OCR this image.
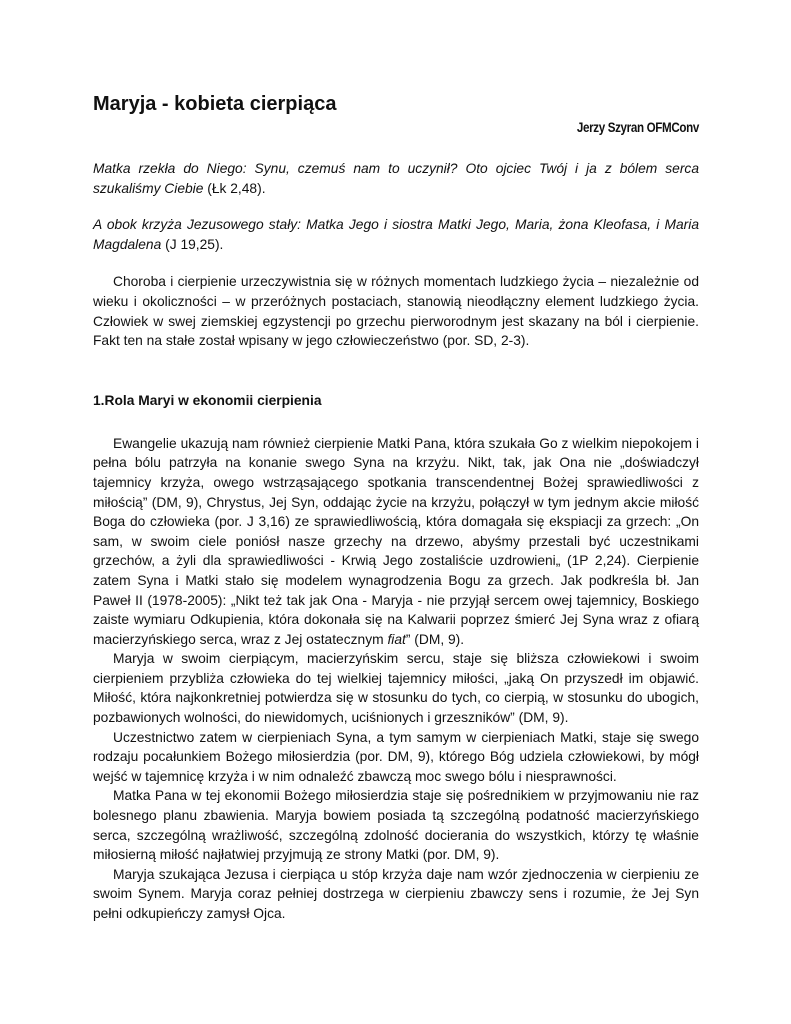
Maryja - kobieta cierpiąca
Jerzy Szyran OFMConv

Matka rzekła do Niego: Synu, czemuś nam to uczynił? Oto ojciec Twój i ja z bólem serca szukaliśmy Ciebie (Łk 2,48).

A obok krzyża Jezusowego stały: Matka Jego i siostra Matki Jego, Maria, żona Kleofasa, i Maria Magdalena (J 19,25).

Choroba i cierpienie urzeczywistnia się w różnych momentach ludzkiego życia – niezależnie od wieku i okoliczności – w przeróżnych postaciach, stanowią nieodłączny element ludzkiego życia. Człowiek w swej ziemskiej egzystencji po grzechu pierworodnym jest skazany na ból i cierpienie. Fakt ten na stałe został wpisany w jego człowieczeństwo (por. SD, 2-3).

1.Rola Maryi w ekonomii cierpienia

Ewangelie ukazują nam również cierpienie Matki Pana, która szukała Go z wielkim niepokojem i pełna bólu patrzyła na konanie swego Syna na krzyżu. Nikt, tak, jak Ona nie „doświadczył tajemnicy krzyża, owego wstrząsającego spotkania transcendentnej Bożej sprawiedliwości z miłością” (DM, 9), Chrystus, Jej Syn, oddając życie na krzyżu, połączył w tym jednym akcie miłość Boga do człowieka (por. J 3,16) ze sprawiedliwością, która domagała się ekspiacji za grzech: „On sam, w swoim ciele poniósł nasze grzechy na drzewo, abyśmy przestali być uczestnikami grzechów, a żyli dla sprawiedliwości - Krwią Jego zostaliście uzdrowieni„ (1P 2,24). Cierpienie zatem Syna i Matki stało się modelem wynagrodzenia Bogu za grzech. Jak podkreśla bł. Jan Paweł II (1978-2005): „Nikt też tak jak Ona - Maryja - nie przyjął sercem owej tajemnicy, Boskiego zaiste wymiaru Odkupienia, która dokonała się na Kalwarii poprzez śmierć Jej Syna wraz z ofiarą macierzyńskiego serca, wraz z Jej ostatecznym fiat” (DM, 9).

Maryja w swoim cierpiącym, macierzyńskim sercu, staje się bliższa człowiekowi i swoim cierpieniem przybliża człowieka do tej wielkiej tajemnicy miłości, „jaką On przyszedł im objawić. Miłość, która najkonkretniej potwierdza się w stosunku do tych, co cierpią, w stosunku do ubogich, pozbawionych wolności, do niewidomych, uciśnionych i grzeszników” (DM, 9).

Uczestnictwo zatem w cierpieniach Syna, a tym samym w cierpieniach Matki, staje się swego rodzaju pocałunkiem Bożego miłosierdzia (por. DM, 9), którego Bóg udziela człowiekowi, by mógł wejść w tajemnicę krzyża i w nim odnaleźć zbawczą moc swego bólu i niesprawności.

Matka Pana w tej ekonomii Bożego miłosierdzia staje się pośrednikiem w przyjmowaniu nie raz bolesnego planu zbawienia. Maryja bowiem posiada tą szczególną podatność macierzyńskiego serca, szczególną wrażliwość, szczególną zdolność docierania do wszystkich, którzy tę właśnie miłosierną miłość najłatwiej przyjmują ze strony Matki (por. DM, 9).

Maryja szukająca Jezusa i cierpiąca u stóp krzyża daje nam wzór zjednoczenia w cierpieniu ze swoim Synem. Maryja coraz pełniej dostrzega w cierpieniu zbawczy sens i rozumie, że Jej Syn pełni odkupieńczy zamysł Ojca.
